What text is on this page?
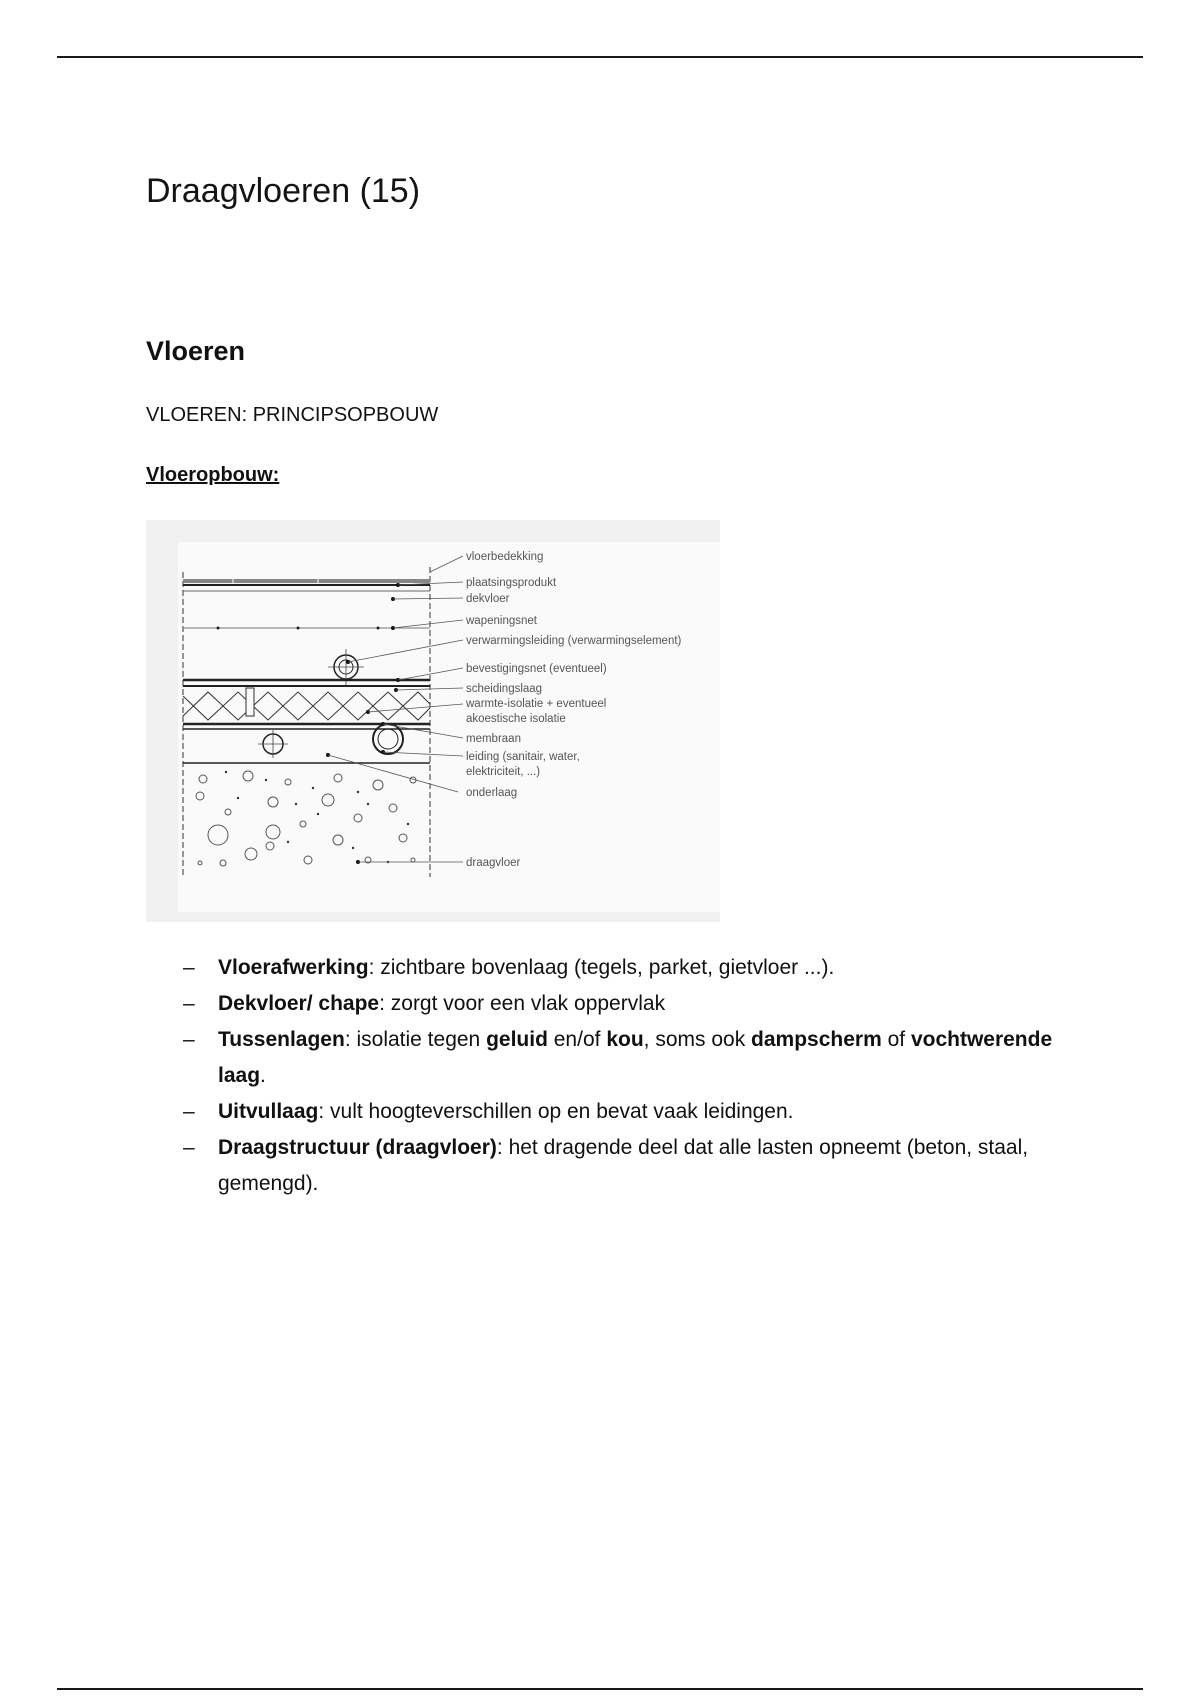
Draagvloeren (15)
Vloeren

VLOEREN: PRINCIPSOPBOUW

Vloeropbouw:

vloerbedekking
plaatsingsprodukt
dekvloer
wapeningsnet
verwarmingsleiding (verwarmingselement)
bevestigingsnet (eventueel)
scheidingslaag
warmte-isolatie + eventueel
akoestische isolatie
membraan
leiding (sanitair, water,
elektriciteit, ...)
onderlaag
draagvloer
– Vloerafwerking: zichtbare bovenlaag (tegels, parket, gietvloer ...).
– Dekvloer/ chape: zorgt voor een vlak oppervlak
– Tussenlagen: isolatie tegen geluid en/of kou, soms ook dampscherm of vochtwerende laag.
– Uitvullaag: vult hoogteverschillen op en bevat vaak leidingen.
– Draagstructuur (draagvloer): het dragende deel dat alle lasten opneemt (beton, staal, gemengd).
